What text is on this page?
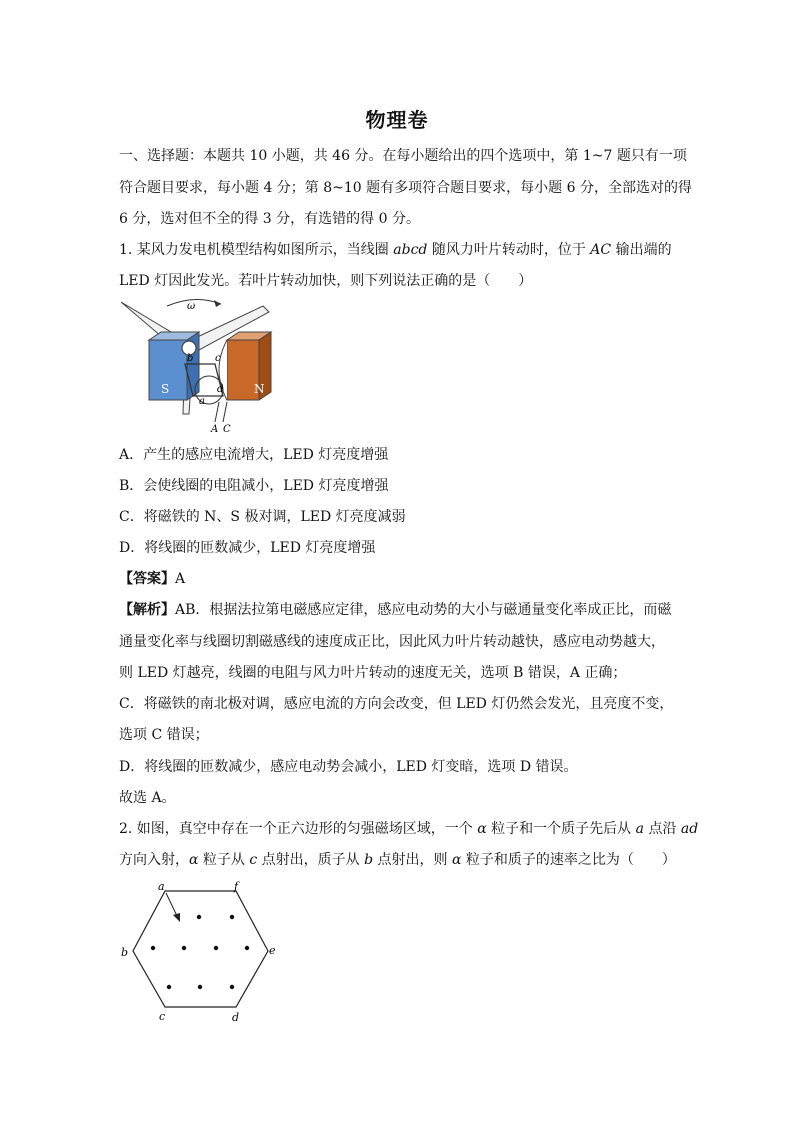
物理卷
一、选择题：本题共 10 小题，共 46 分。在每小题给出的四个选项中，第 1~7 题只有一项
符合题目要求，每小题 4 分；第 8~10 题有多项符合题目要求，每小题 6 分，全部选对的得
6 分，选对但不全的得 3 分，有选错的得 0 分。
1. 某风力发电机模型结构如图所示，当线圈 abcd 随风力叶片转动时，位于 AC 输出端的
LED 灯因此发光。若叶片转动加快，则下列说法正确的是（　　）
ω
S	N
b c
a
d
A C
A．产生的感应电流增大，LED 灯亮度增强
B．会使线圈的电阻减小，LED 灯亮度增强
C．将磁铁的 N、S 极对调，LED 灯亮度减弱
D．将线圈的匝数减少，LED 灯亮度增强
【答案】A
【解析】AB．根据法拉第电磁感应定律，感应电动势的大小与磁通量变化率成正比，而磁
通量变化率与线圈切割磁感线的速度成正比，因此风力叶片转动越快，感应电动势越大，
则 LED 灯越亮，线圈的电阻与风力叶片转动的速度无关，选项 B 错误，A 正确；
C．将磁铁的南北极对调，感应电流的方向会改变，但 LED 灯仍然会发光，且亮度不变，
选项 C 错误；
D．将线圈的匝数减少，感应电动势会减小，LED 灯变暗，选项 D 错误。
故选 A。
2. 如图，真空中存在一个正六边形的匀强磁场区域，一个 α 粒子和一个质子先后从 a 点沿 ad
方向入射，α 粒子从 c 点射出，质子从 b 点射出，则 α 粒子和质子的速率之比为（　　）
a	f
b	e
c	d
